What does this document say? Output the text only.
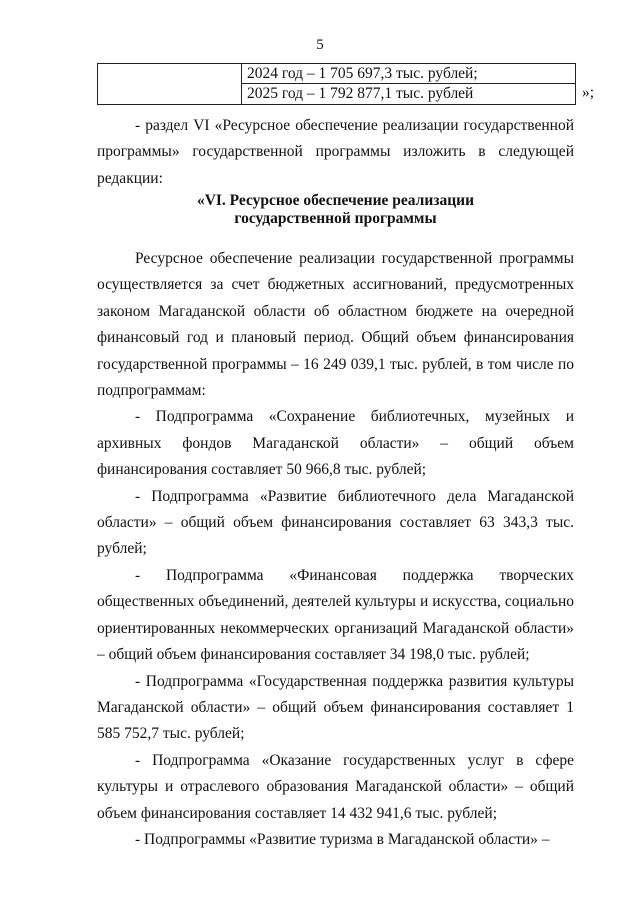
5

2024 год – 1 705 697,3 тыс. рублей;
2025 год – 1 792 877,1 тыс. рублей	»;

- раздел VI «Ресурсное обеспечение реализации государственной программы» государственной программы изложить в следующей редакции:

«VI. Ресурсное обеспечение реализации
государственной программы

Ресурсное обеспечение реализации государственной программы осуществляется за счет бюджетных ассигнований, предусмотренных законом Магаданской области об областном бюджете на очередной финансовый год и плановый период. Общий объем финансирования государственной программы – 16 249 039,1 тыс. рублей, в том числе по подпрограммам:

- Подпрограмма «Сохранение библиотечных, музейных и архивных фондов Магаданской области» – общий объем финансирования составляет 50 966,8 тыс. рублей;

- Подпрограмма «Развитие библиотечного дела Магаданской области» – общий объем финансирования составляет 63 343,3 тыс. рублей;

- Подпрограмма «Финансовая поддержка творческих общественных объединений, деятелей культуры и искусства, социально ориентированных некоммерческих организаций Магаданской области» – общий объем финансирования составляет 34 198,0 тыс. рублей;

- Подпрограмма «Государственная поддержка развития культуры Магаданской области» – общий объем финансирования составляет 1 585 752,7 тыс. рублей;

- Подпрограмма «Оказание государственных услуг в сфере культуры и отраслевого образования Магаданской области» – общий объем финансирования составляет 14 432 941,6 тыс. рублей;

- Подпрограммы «Развитие туризма в Магаданской области» –
